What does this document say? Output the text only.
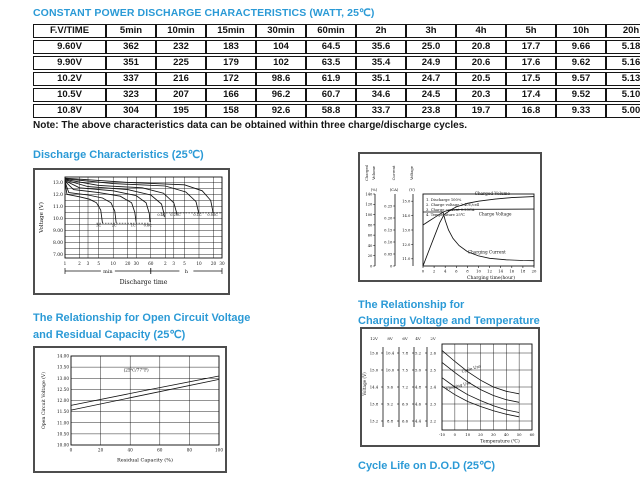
CONSTANT POWER DISCHARGE CHARACTERISTICS (WATT, 25℃)
F.V/TIME	5min	10min	15min	30min	60min	2h	3h	4h	5h	10h	20h
9.60V	362	232	183	104	64.5	35.6	25.0	20.8	17.7	9.66	5.18
9.90V	351	225	179	102	63.5	35.4	24.9	20.6	17.6	9.62	5.16
10.2V	337	216	172	98.6	61.9	35.1	24.7	20.5	17.5	9.57	5.13
10.5V	323	207	166	96.2	60.7	34.6	24.5	20.3	17.4	9.52	5.10
10.8V	304	195	158	92.6	58.8	33.7	23.8	19.7	16.8	9.33	5.00
Note: The above characteristics data can be obtained within three charge/discharge cycles.
Discharge Characteristics (25℃)
1	2 3 5	10 20 30 60	2 3 5	10 20 30
13.0
12.0
11.0
10.0
9.00
8.00
7.00
3C	2C	1C 0.6C
0.4C 0.25C	0.1C 0.05C
min	h
Discharge time
Voltage (V)
Charged Volume
(%)
0
20
40
60
80
100
120
140
Current
(CA)
0
0.05
0.10
0.15
0.20
0.25
Voltage
(V)
11.0
12.0
13.0
14.0
15.0	1. Discharge 100%
2. Charge voltage 2.40V/cell
3. Charge current 0.25CA
4. Temperature 25℃
0 2 4 6 8 10 12 14 16 18 20
Charging time(hour)
Charged Volume
Charge Voltage
Charging Current
The Relationship for Open Circuit Voltage
and Residual Capacity (25℃)
14.00
13.50
13.00
12.50
12.00
11.50
11.00
10.50
10.00
0	20	40	60	80	100
(25℃/77°F)
Residual Capacity (%)
Open Circuit Voltage (V)
The Relationship for
Charging Voltage and Temperature
Voltage (V)
12V
15.6
15.0
14.4
13.8
13.2
8V
10.4
10.0
9.6
9.2
8.8
6V
7.8
7.5
7.2
6.9
6.6
4V
5.2
5.0
4.8
4.6
4.4
2V
2.6
2.5
2.4
2.3
2.2
-10 0 10 20 30 40 50 60
Cycle Use
Floating Use
Temperature (℃)
Cycle Life on D.O.D (25℃)
